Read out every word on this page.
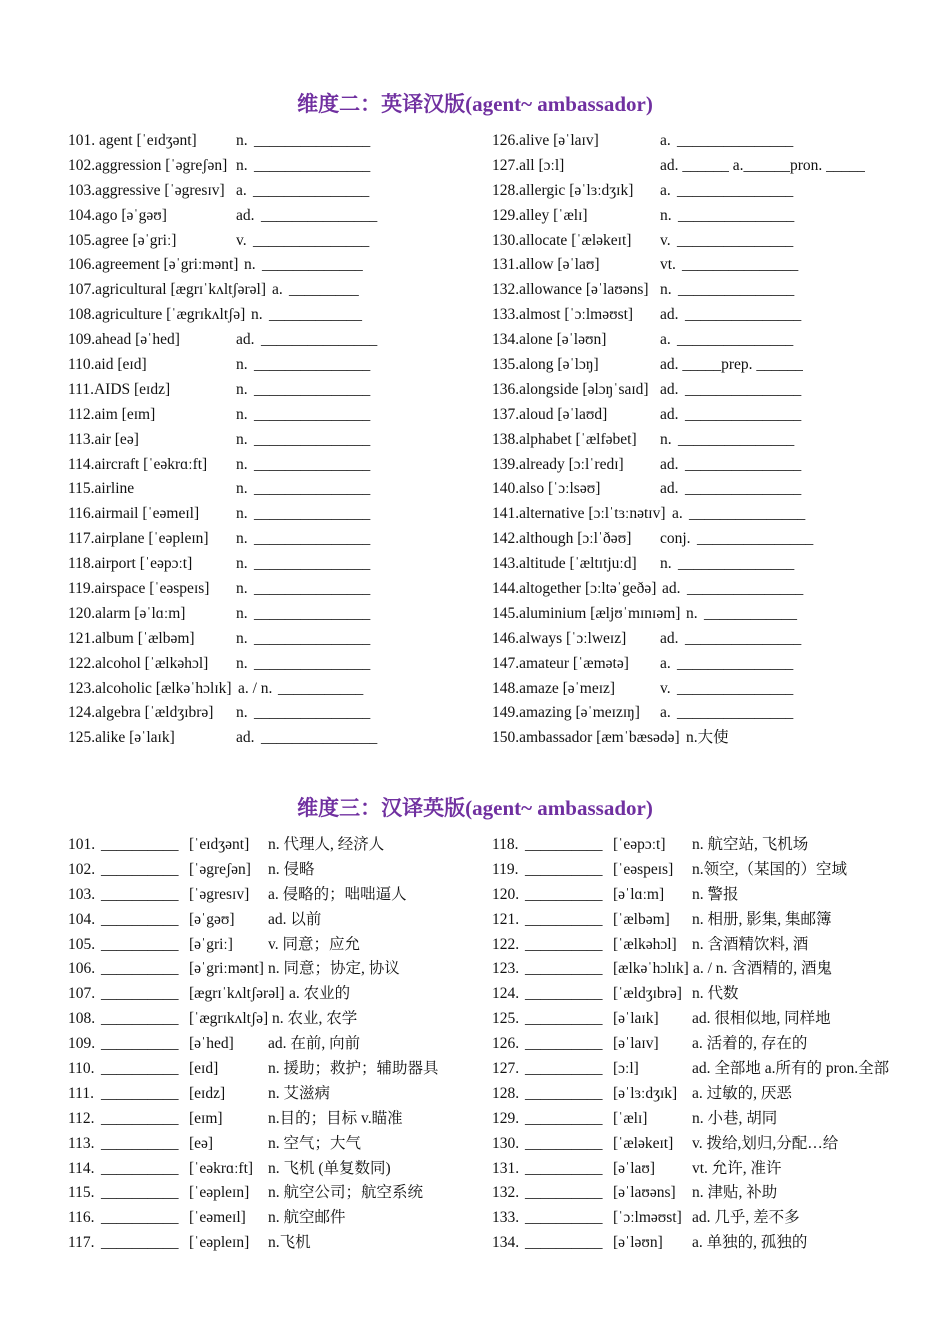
维度二：英译汉版(agent~ ambassador)
101. agent [ˈeɪdʒənt]	n. _______________
102.aggression [ˈəgreʃən] n. _______________
103.aggressive [ˈəgresɪv] a. _______________
104.ago [əˈgəʊ]	ad. _______________
105.agree [əˈgriː]	v. _______________
106.agreement [əˈgriːmənt] n. _____________
107.agricultural [ægrɪˈkʌltʃərəl] a. _________
108.agriculture [ˈægrɪkʌltʃə] n. ____________
109.ahead [əˈhed]	ad. _______________
110.aid [eɪd]	n. _______________
111.AIDS [eɪdz]	n. _______________
112.aim [eɪm]	n. _______________
113.air [eə]	n. _______________
114.aircraft [ˈeəkrɑːft] n. _______________
115.airline	n. _______________
116.airmail [ˈeəmeɪl] n. _______________
117.airplane [ˈeəpleɪn] n. _______________
118.airport [ˈeəpɔːt]	n. _______________
119.airspace [ˈeəspeɪs] n. _______________
120.alarm [əˈlɑːm]	n. _______________
121.album [ˈælbəm]	n. _______________
122.alcohol [ˈælkəhɔl] n. _______________
123.alcoholic [ælkəˈhɔlɪk] a. / n. ___________
124.algebra [ˈældʒɪbrə] n. _______________
125.alike [əˈlaɪk]	ad. _______________
126.alive [əˈlaɪv]	a. _______________
127.all [ɔːl]	ad. ______ a.______pron. _____
128.allergic [əˈlɜːdʒɪk] a. _______________
129.alley [ˈælɪ]	n. _______________
130.allocate [ˈæləkeɪt] v. _______________
131.allow [əˈlaʊ]	vt. _______________
132.allowance [əˈlaʊəns] n. _______________
133.almost [ˈɔːlməʊst] ad. _______________
134.alone [əˈləʊn]	a. _______________
135.along [əˈlɔŋ]	ad. _____prep. ______
136.alongside [əlɔŋˈsaɪd] ad. _______________
137.aloud [əˈlaʊd]	ad. _______________
138.alphabet [ˈælfəbet] n. _______________
139.already [ɔːlˈredɪ] ad. _______________
140.also [ˈɔːlsəʊ]	ad. _______________
141.alternative [ɔːlˈtɜːnətɪv] a. _______________
142.although [ɔːlˈðəʊ] conj. _______________
143.altitude [ˈæltɪtjuːd] n. _______________
144.altogether [ɔːltəˈgeðə] ad. _______________
145.aluminium [æljʊˈmɪnɪəm] n. ____________
146.always [ˈɔːlweɪz] ad. _______________
147.amateur [ˈæmətə] a. _______________
148.amaze [əˈmeɪz]	v. _______________
149.amazing [əˈmeɪzɪŋ] a. _______________
150.ambassador [æmˈbæsədə] n.大使
维度三：汉译英版(agent~ ambassador)
101. __________ [ˈeɪdʒənt] n. 代理人, 经济人
102. __________ [ˈəgreʃən] n. 侵略
103. __________ [ˈəgresɪv] a. 侵略的；咄咄逼人
104. __________ [əˈgəʊ] ad. 以前
105. __________ [əˈgriː] v. 同意；应允
106. __________ [əˈgriːmənt] n. 同意；协定, 协议
107. __________ [ægrɪˈkʌltʃərəl] a. 农业的
108. __________ [ˈægrɪkʌltʃə] n. 农业, 农学
109. __________ [əˈhed] ad. 在前, 向前
110. __________ [eɪd]	n. 援助；救护；辅助器具
111. __________ [eɪdz]	n. 艾滋病
112. __________ [eɪm]	n.目的；目标 v.瞄准
113. __________ [eə]	n. 空气；大气
114. __________ [ˈeəkrɑːft] n. 飞机 (单复数同)
115. __________ [ˈeəpleɪn] n. 航空公司；航空系统
116. __________ [ˈeəmeɪl] n. 航空邮件
117. __________ [ˈeəpleɪn] n.飞机
118. __________ [ˈeəpɔːt] n. 航空站, 飞机场
119. __________ [ˈeəspeɪs] n.领空,（某国的）空域
120. __________ [əˈlɑːm] n. 警报
121. __________ [ˈælbəm] n. 相册, 影集, 集邮簿
122. __________ [ˈælkəhɔl] n. 含酒精饮料, 酒
123. __________ [ælkəˈhɔlɪk] a. / n. 含酒精的, 酒鬼
124. __________ [ˈældʒɪbrə] n. 代数
125. __________ [əˈlaɪk] ad. 很相似地, 同样地
126. __________ [əˈlaɪv] a. 活着的, 存在的
127. __________ [ɔːl]	ad. 全部地 a.所有的 pron.全部
128. __________ [əˈlɜːdʒɪk] a. 过敏的, 厌恶
129. __________ [ˈælɪ]	n. 小巷, 胡同
130. __________ [ˈæləkeɪt] v. 拨给,划归,分配…给
131. __________ [əˈlaʊ] vt. 允许, 准许
132. __________ [əˈlaʊəns] n. 津贴, 补助
133. __________ [ˈɔːlməʊst] ad. 几乎, 差不多
134. __________ [əˈləʊn] a. 单独的, 孤独的
